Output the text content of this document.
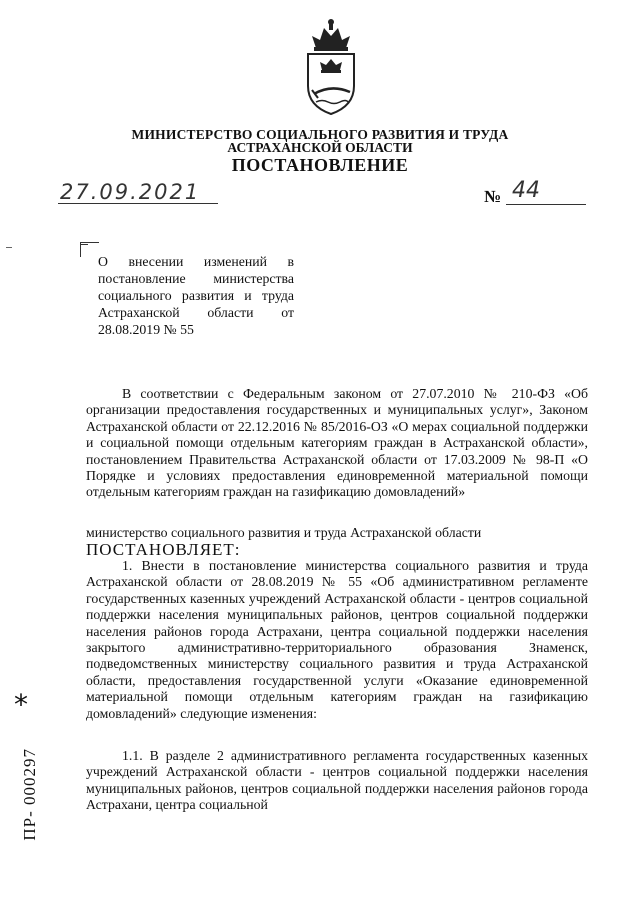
МИНИСТЕРСТВО СОЦИАЛЬНОГО РАЗВИТИЯ И ТРУДА

АСТРАХАНСКОЙ ОБЛАСТИ

ПОСТАНОВЛЕНИЕ

27.09.2021	№ 44
О внесении изменений в постановление министерства социального развития и труда Астраханской области от 28.08.2019 № 55

В соответствии с Федеральным законом от 27.07.2010 № 210-ФЗ «Об организации предоставления государственных и муниципальных услуг», Законом Астраханской области от 22.12.2016 № 85/2016-ОЗ «О мерах социальной поддержки и социальной помощи отдельным категориям граждан в Астраханской области», постановлением Правительства Астраханской области от 17.03.2009 № 98-П «О Порядке и условиях предоставления единовременной материальной помощи отдельным категориям граждан на газификацию домовладений»

министерство социального развития и труда Астраханской области

ПОСТАНОВЛЯЕТ:

1. Внести в постановление министерства социального развития и труда Астраханской области от 28.08.2019 № 55 «Об административном регламенте государственных казенных учреждений Астраханской области - центров социальной поддержки населения муниципальных районов, центров социальной поддержки населения районов города Астрахани, центра социальной поддержки населения закрытого административно-территориального образования Знаменск, подведомственных министерству социального развития и труда Астраханской области, предоставления государственной услуги «Оказание единовременной материальной помощи отдельным категориям граждан на газификацию домовладений» следующие изменения:

1.1. В разделе 2 административного регламента государственных казенных учреждений Астраханской области - центров социальной поддержки населения муниципальных районов, центров социальной поддержки населения районов города Астрахани, центра социальной

*
ПР- 000297
